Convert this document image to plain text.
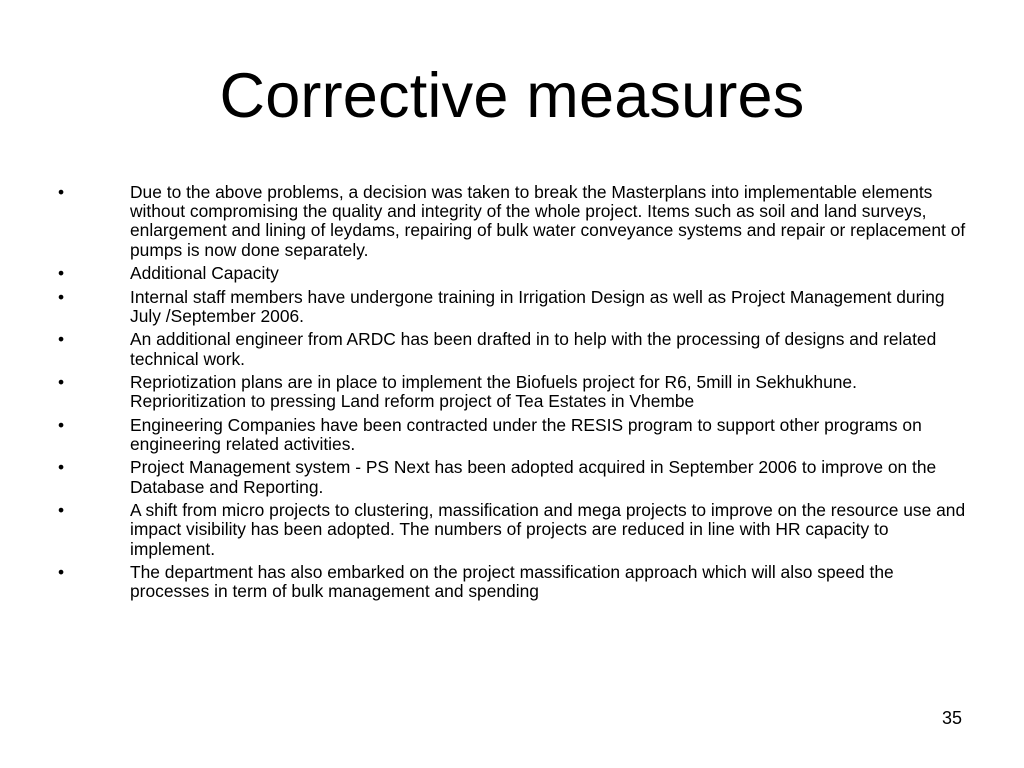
Corrective measures
•	Due to the above problems, a decision was taken to break the Masterplans into implementable elements without compromising the quality and integrity of the whole project. Items such as soil and land surveys, enlargement and lining of leydams, repairing of bulk water conveyance systems and repair or replacement of pumps is now done separately.
•	Additional Capacity
•	Internal staff members have undergone training in Irrigation Design as well as Project Management during July /September 2006.
•	An additional engineer from ARDC has been drafted in to help with the processing of designs and related technical work.
•	Repriotization plans are in place to implement the Biofuels project for R6, 5mill in Sekhukhune. Reprioritization to pressing Land reform project of Tea Estates in Vhembe
•	Engineering Companies have been contracted under the RESIS program to support other programs on engineering related activities.
•	Project Management system - PS Next has been adopted acquired in September 2006 to improve on the Database and Reporting.
•	A shift from micro projects to clustering, massification and mega projects to improve on the resource use and impact visibility has been adopted. The numbers of projects are reduced in line with HR capacity to implement.
•	The department has also embarked on the project massification approach which will also speed the processes in term of bulk management and spending
35
